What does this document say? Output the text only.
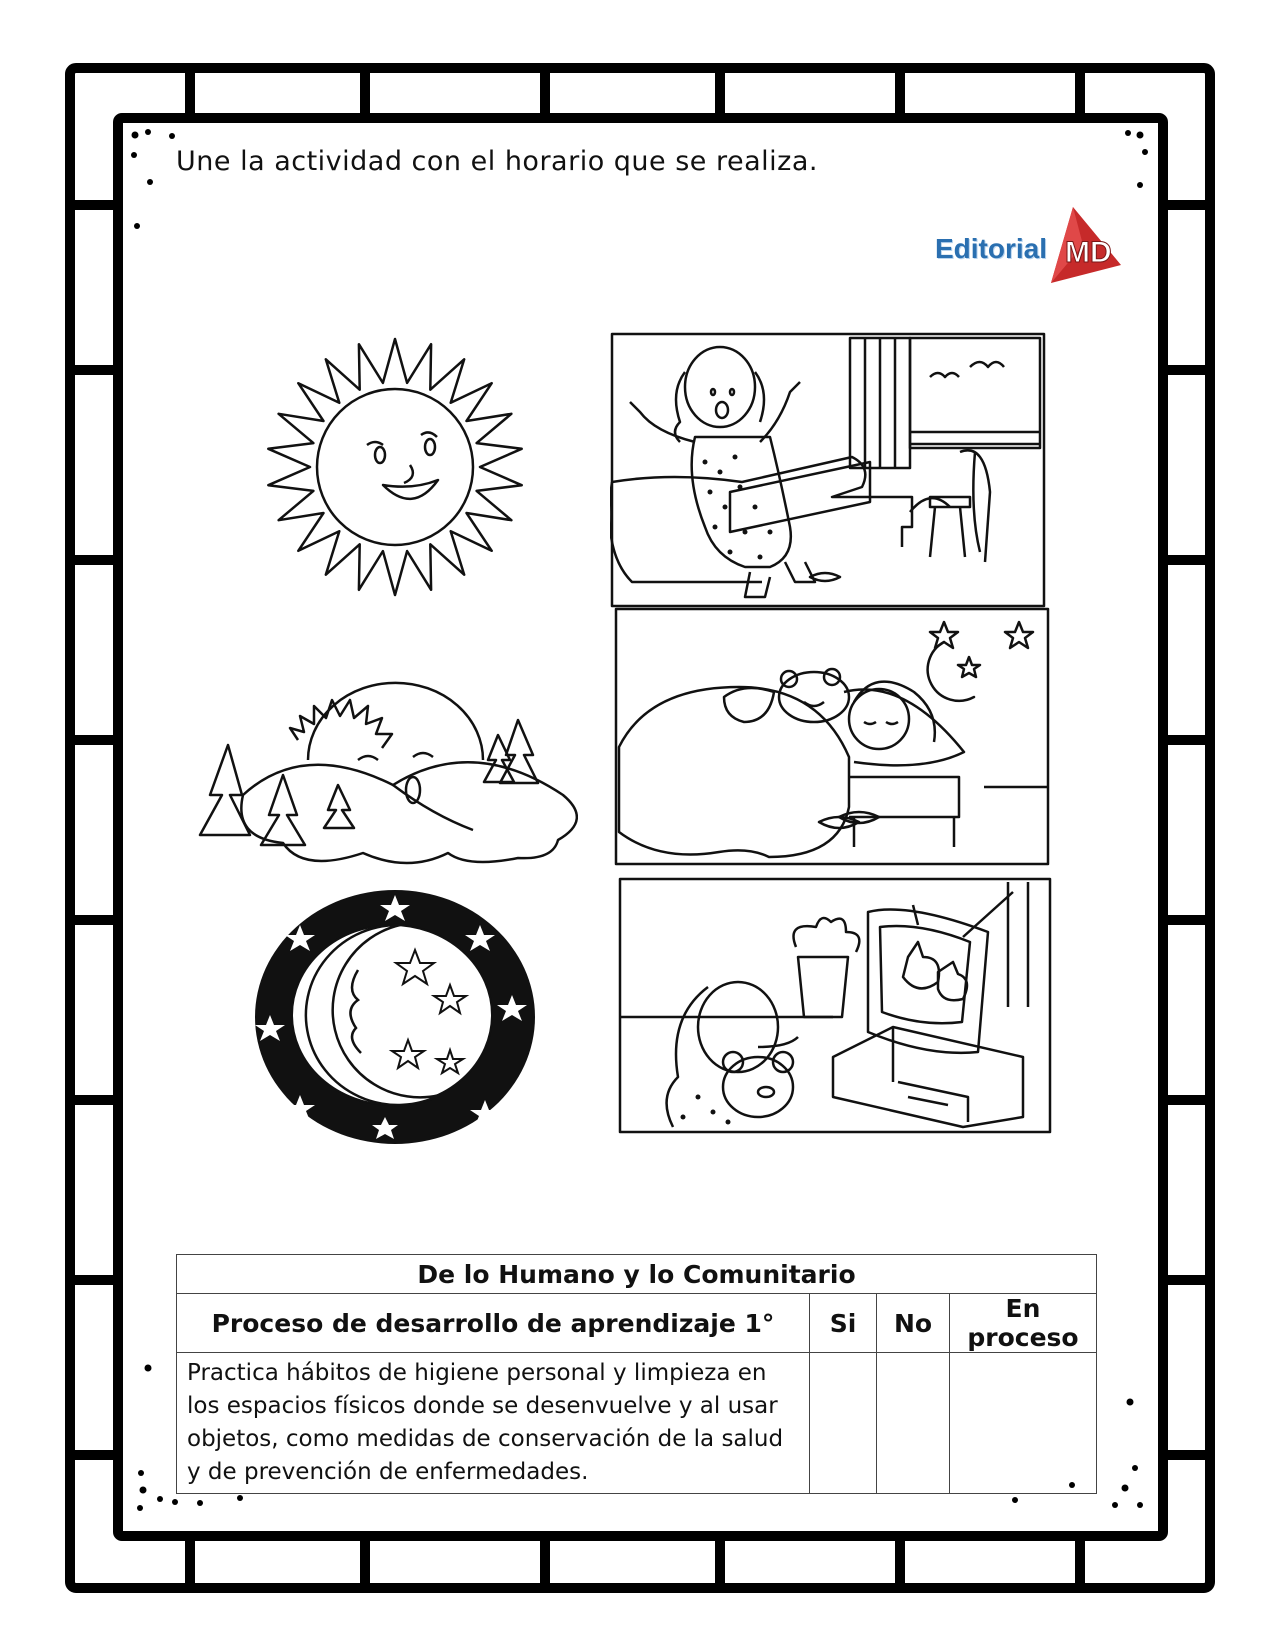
Une la actividad con el horario que se realiza.
Editorial MD
De lo Humano y lo Comunitario			
Proceso de desarrollo de aprendizaje 1°	Si	No	En proceso
Practica hábitos de higiene personal y limpieza en los espacios físicos donde se desenvuelve y al usar objetos, como medidas de conservación de la salud y de prevención de enfermedades.			
